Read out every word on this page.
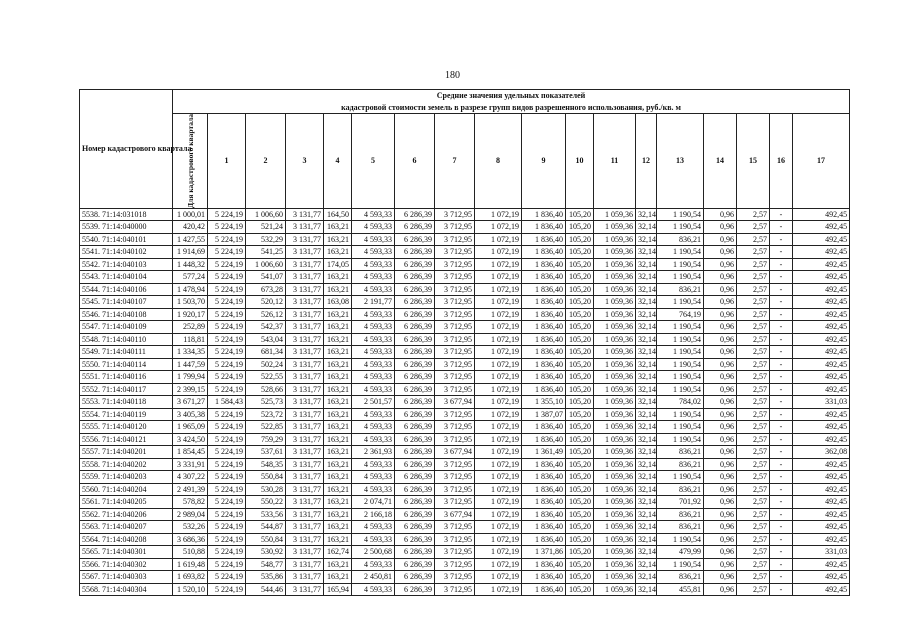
180
Номер кадастрового квартала	Средние значения удельных показателей
кадастровой стоимости земель в разрезе групп видов разрешенного использования, руб./кв. м																	

	Для кадастрового квартала	1	2	3	4	5	6	7	8	9	10	11	12	13	14	15	16	17
5538. 71:14:031018	1 000,01	5 224,19	1 006,60	3 131,77	164,50	4 593,33	6 286,39	3 712,95	1 072,19	1 836,40	105,20	1 059,36	32,14	1 190,54	0,96	2,57	-	492,45
5539. 71:14:040000	420,42	5 224,19	521,24	3 131,77	163,21	4 593,33	6 286,39	3 712,95	1 072,19	1 836,40	105,20	1 059,36	32,14	1 190,54	0,96	2,57	-	492,45
5540. 71:14:040101	1 427,55	5 224,19	532,29	3 131,77	163,21	4 593,33	6 286,39	3 712,95	1 072,19	1 836,40	105,20	1 059,36	32,14	836,21	0,96	2,57	-	492,45
5541. 71:14:040102	1 914,69	5 224,19	541,25	3 131,77	163,21	4 593,33	6 286,39	3 712,95	1 072,19	1 836,40	105,20	1 059,36	32,14	1 190,54	0,96	2,57	-	492,45
5542. 71:14:040103	1 448,32	5 224,19	1 006,60	3 131,77	174,05	4 593,33	6 286,39	3 712,95	1 072,19	1 836,40	105,20	1 059,36	32,14	1 190,54	0,96	2,57	-	492,45
5543. 71:14:040104	577,24	5 224,19	541,07	3 131,77	163,21	4 593,33	6 286,39	3 712,95	1 072,19	1 836,40	105,20	1 059,36	32,14	1 190,54	0,96	2,57	-	492,45
5544. 71:14:040106	1 478,94	5 224,19	673,28	3 131,77	163,21	4 593,33	6 286,39	3 712,95	1 072,19	1 836,40	105,20	1 059,36	32,14	836,21	0,96	2,57	-	492,45
5545. 71:14:040107	1 503,70	5 224,19	520,12	3 131,77	163,08	2 191,77	6 286,39	3 712,95	1 072,19	1 836,40	105,20	1 059,36	32,14	1 190,54	0,96	2,57	-	492,45
5546. 71:14:040108	1 920,17	5 224,19	526,12	3 131,77	163,21	4 593,33	6 286,39	3 712,95	1 072,19	1 836,40	105,20	1 059,36	32,14	764,19	0,96	2,57	-	492,45
5547. 71:14:040109	252,89	5 224,19	542,37	3 131,77	163,21	4 593,33	6 286,39	3 712,95	1 072,19	1 836,40	105,20	1 059,36	32,14	1 190,54	0,96	2,57	-	492,45
5548. 71:14:040110	118,81	5 224,19	543,04	3 131,77	163,21	4 593,33	6 286,39	3 712,95	1 072,19	1 836,40	105,20	1 059,36	32,14	1 190,54	0,96	2,57	-	492,45
5549. 71:14:040111	1 334,35	5 224,19	681,34	3 131,77	163,21	4 593,33	6 286,39	3 712,95	1 072,19	1 836,40	105,20	1 059,36	32,14	1 190,54	0,96	2,57	-	492,45
5550. 71:14:040114	1 447,59	5 224,19	502,24	3 131,77	163,21	4 593,33	6 286,39	3 712,95	1 072,19	1 836,40	105,20	1 059,36	32,14	1 190,54	0,96	2,57	-	492,45
5551. 71:14:040116	1 799,94	5 224,19	522,55	3 131,77	163,21	4 593,33	6 286,39	3 712,95	1 072,19	1 836,40	105,20	1 059,36	32,14	1 190,54	0,96	2,57	-	492,45
5552. 71:14:040117	2 399,15	5 224,19	528,66	3 131,77	163,21	4 593,33	6 286,39	3 712,95	1 072,19	1 836,40	105,20	1 059,36	32,14	1 190,54	0,96	2,57	-	492,45
5553. 71:14:040118	3 671,27	1 584,43	525,73	3 131,77	163,21	2 501,57	6 286,39	3 677,94	1 072,19	1 355,10	105,20	1 059,36	32,14	784,02	0,96	2,57	-	331,03
5554. 71:14:040119	3 405,38	5 224,19	523,72	3 131,77	163,21	4 593,33	6 286,39	3 712,95	1 072,19	1 387,07	105,20	1 059,36	32,14	1 190,54	0,96	2,57	-	492,45
5555. 71:14:040120	1 965,09	5 224,19	522,85	3 131,77	163,21	4 593,33	6 286,39	3 712,95	1 072,19	1 836,40	105,20	1 059,36	32,14	1 190,54	0,96	2,57	-	492,45
5556. 71:14:040121	3 424,50	5 224,19	759,29	3 131,77	163,21	4 593,33	6 286,39	3 712,95	1 072,19	1 836,40	105,20	1 059,36	32,14	1 190,54	0,96	2,57	-	492,45
5557. 71:14:040201	1 854,45	5 224,19	537,61	3 131,77	163,21	2 361,93	6 286,39	3 677,94	1 072,19	1 361,49	105,20	1 059,36	32,14	836,21	0,96	2,57	-	362,08
5558. 71:14:040202	3 331,91	5 224,19	548,35	3 131,77	163,21	4 593,33	6 286,39	3 712,95	1 072,19	1 836,40	105,20	1 059,36	32,14	836,21	0,96	2,57	-	492,45
5559. 71:14:040203	4 307,22	5 224,19	550,84	3 131,77	163,21	4 593,33	6 286,39	3 712,95	1 072,19	1 836,40	105,20	1 059,36	32,14	1 190,54	0,96	2,57	-	492,45
5560. 71:14:040204	2 491,39	5 224,19	530,28	3 131,77	163,21	4 593,33	6 286,39	3 712,95	1 072,19	1 836,40	105,20	1 059,36	32,14	836,21	0,96	2,57	-	492,45
5561. 71:14:040205	578,82	5 224,19	550,22	3 131,77	163,21	2 074,71	6 286,39	3 712,95	1 072,19	1 836,40	105,20	1 059,36	32,14	701,92	0,96	2,57	-	492,45
5562. 71:14:040206	2 989,04	5 224,19	533,56	3 131,77	163,21	2 166,18	6 286,39	3 677,94	1 072,19	1 836,40	105,20	1 059,36	32,14	836,21	0,96	2,57	-	492,45
5563. 71:14:040207	532,26	5 224,19	544,87	3 131,77	163,21	4 593,33	6 286,39	3 712,95	1 072,19	1 836,40	105,20	1 059,36	32,14	836,21	0,96	2,57	-	492,45
5564. 71:14:040208	3 686,36	5 224,19	550,84	3 131,77	163,21	4 593,33	6 286,39	3 712,95	1 072,19	1 836,40	105,20	1 059,36	32,14	1 190,54	0,96	2,57	-	492,45
5565. 71:14:040301	510,88	5 224,19	530,92	3 131,77	162,74	2 500,68	6 286,39	3 712,95	1 072,19	1 371,86	105,20	1 059,36	32,14	479,99	0,96	2,57	-	331,03
5566. 71:14:040302	1 619,48	5 224,19	548,77	3 131,77	163,21	4 593,33	6 286,39	3 712,95	1 072,19	1 836,40	105,20	1 059,36	32,14	1 190,54	0,96	2,57	-	492,45
5567. 71:14:040303	1 693,82	5 224,19	535,86	3 131,77	163,21	2 450,81	6 286,39	3 712,95	1 072,19	1 836,40	105,20	1 059,36	32,14	836,21	0,96	2,57	-	492,45
5568. 71:14:040304	1 520,10	5 224,19	544,46	3 131,77	165,94	4 593,33	6 286,39	3 712,95	1 072,19	1 836,40	105,20	1 059,36	32,14	455,81	0,96	2,57	-	492,45
